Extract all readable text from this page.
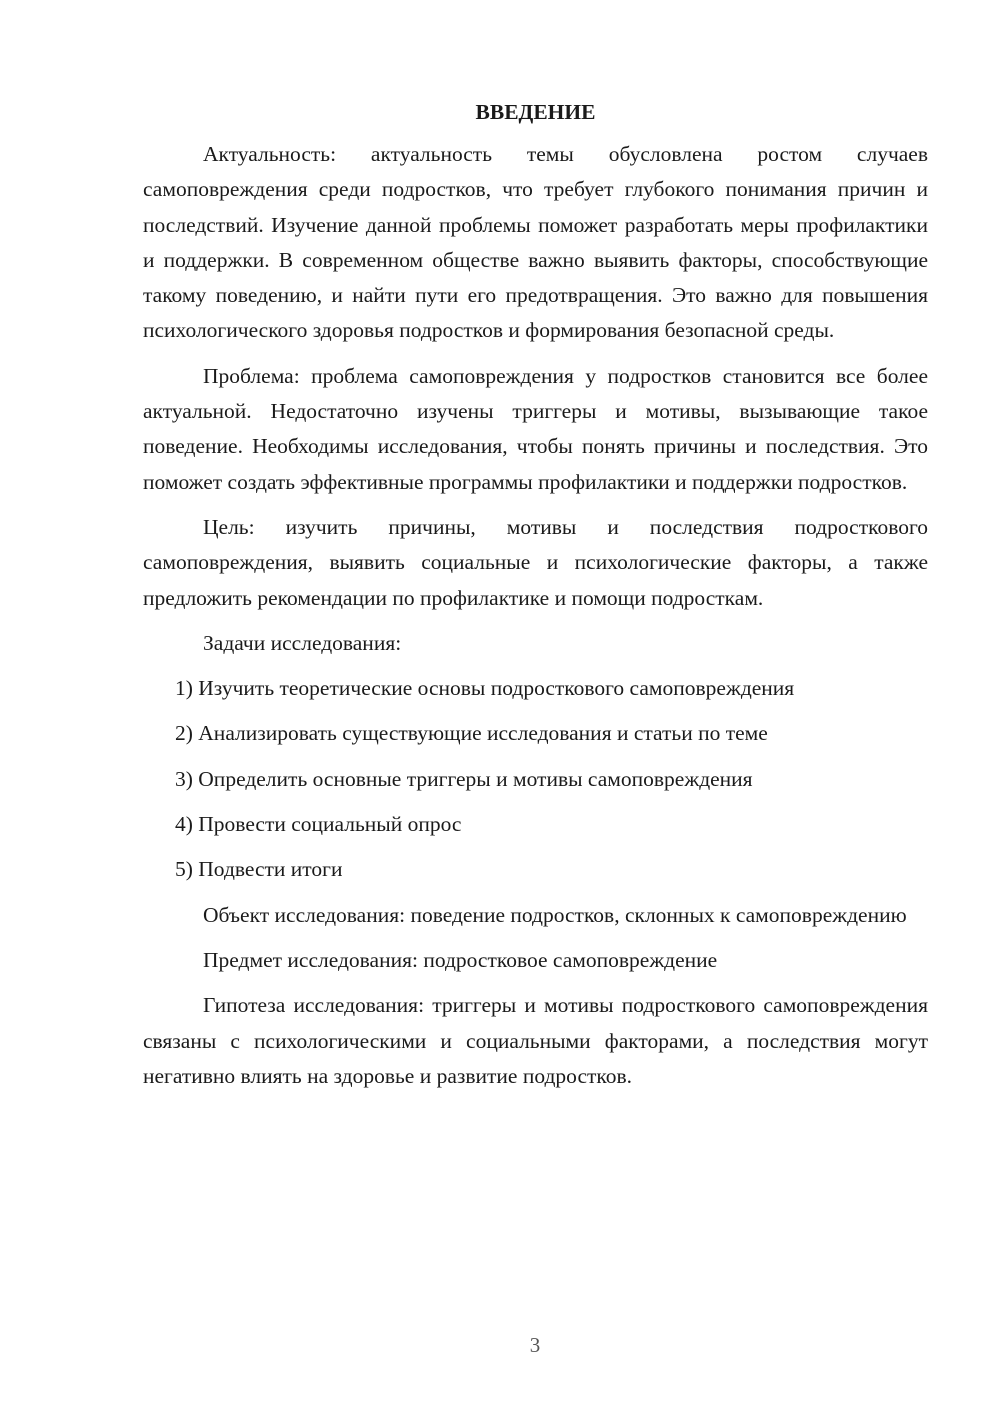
ВВЕДЕНИЕ

Актуальность: актуальность темы обусловлена ростом случаев самоповреждения среди подростков, что требует глубокого понимания причин и последствий. Изучение данной проблемы поможет разработать меры профилактики и поддержки. В современном обществе важно выявить факторы, способствующие такому поведению, и найти пути его предотвращения. Это важно для повышения психологического здоровья подростков и формирования безопасной среды.

Проблема: проблема самоповреждения у подростков становится все более актуальной. Недостаточно изучены триггеры и мотивы, вызывающие такое поведение. Необходимы исследования, чтобы понять причины и последствия. Это поможет создать эффективные программы профилактики и поддержки подростков.

Цель: изучить причины, мотивы и последствия подросткового самоповреждения, выявить социальные и психологические факторы, а также предложить рекомендации по профилактике и помощи подросткам.

Задачи исследования:

1) Изучить теоретические основы подросткового самоповреждения
2) Анализировать существующие исследования и статьи по теме
3) Определить основные триггеры и мотивы самоповреждения
4) Провести социальный опрос
5) Подвести итоги

Объект исследования: поведение подростков, склонных к самоповреждению

Предмет исследования: подростковое самоповреждение

Гипотеза исследования: триггеры и мотивы подросткового самоповреждения связаны с психологическими и социальными факторами, а последствия могут негативно влиять на здоровье и развитие подростков.

3
